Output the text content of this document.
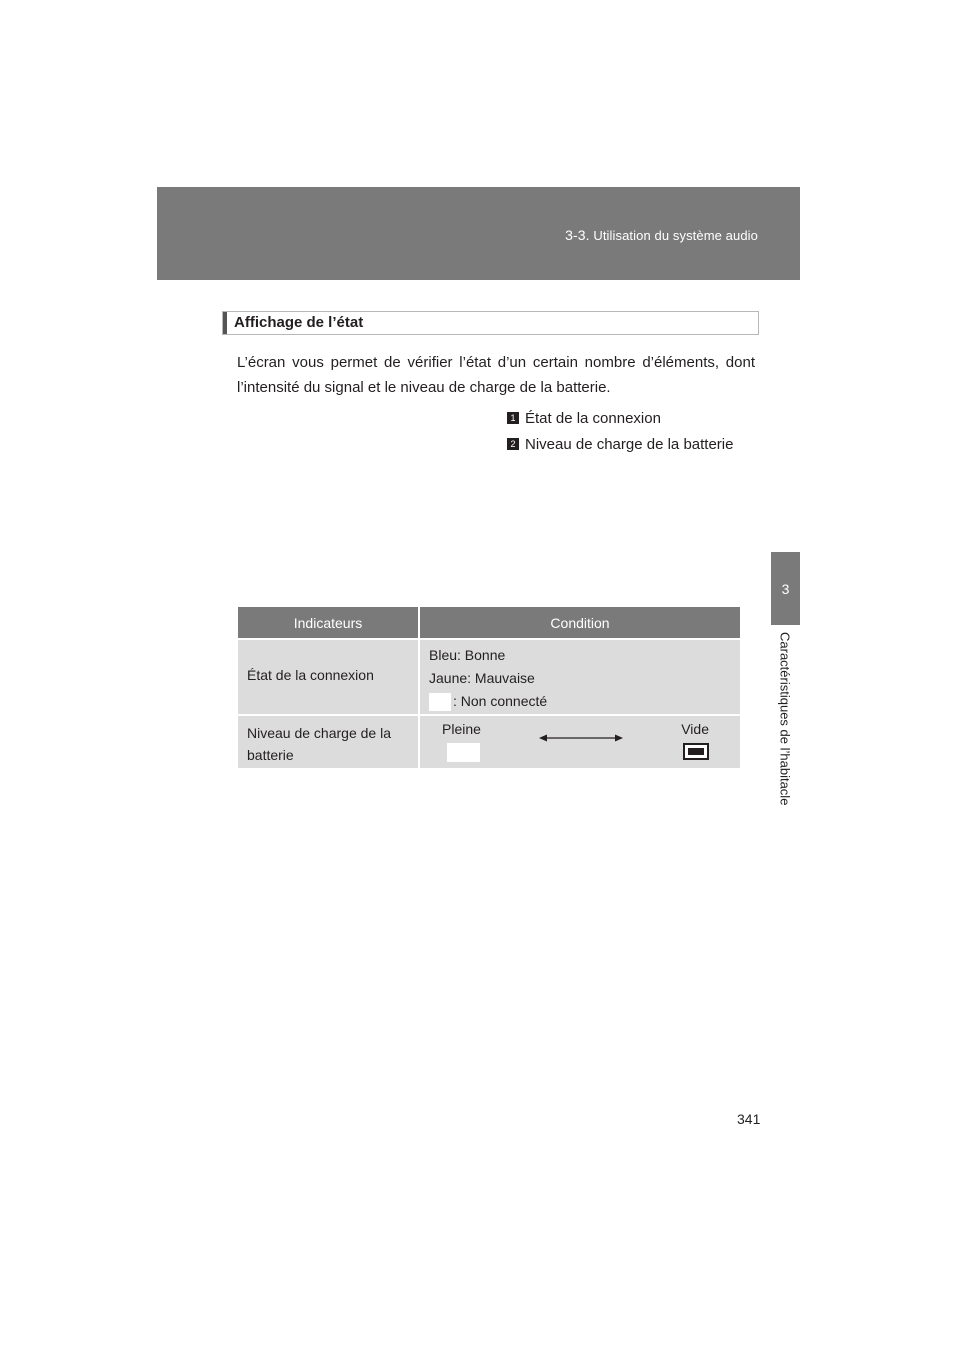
3-3. Utilisation du système audio
3
Caractéristiques de l’habitacle
Affichage de l’état

L’écran vous permet de vérifier l’état d’un certain nombre d’éléments, dont l’intensité du signal et le niveau de charge de la batterie.

1 État de la connexion
2 Niveau de charge de la batterie
Indicateurs	Condition
État de la connexion	Bleu: Bonne
Jaune: Mauvaise
: Non connecté

Niveau de charge de la batterie	Pleine Vide
341
